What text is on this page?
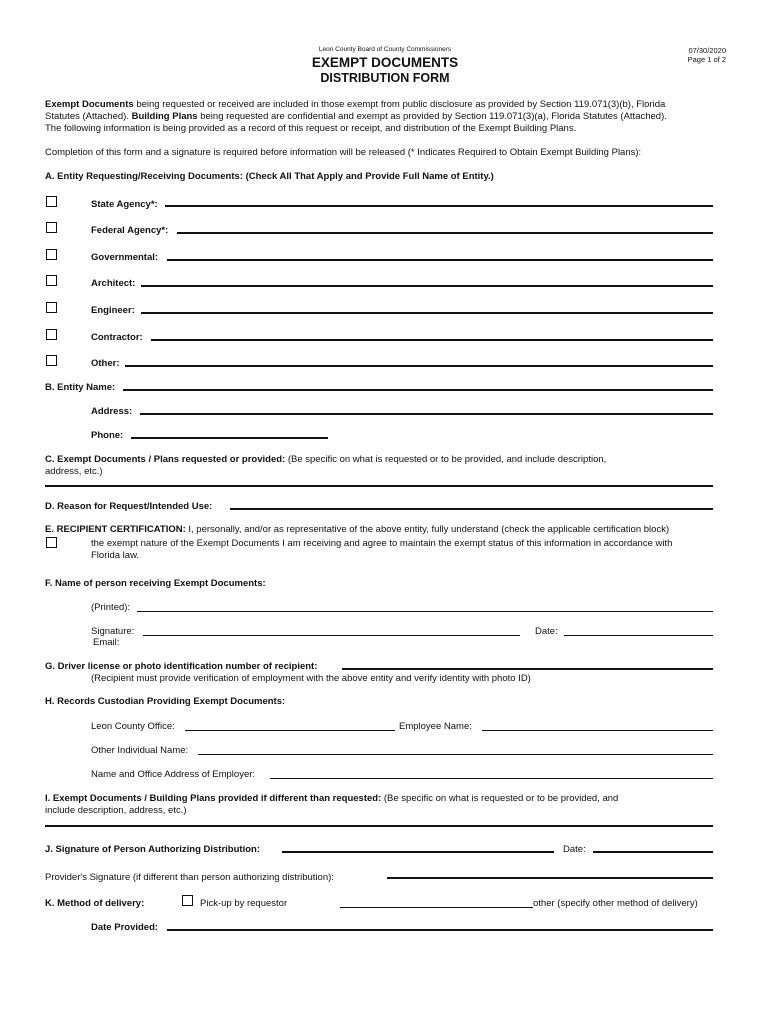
Leon County Board of County Commissioners
EXEMPT DOCUMENTS
DISTRIBUTION FORM
07/30/2020
Page 1 of 2
Exempt Documents being requested or received are included in those exempt from public disclosure as provided by Section 119.071(3)(b), Florida
Statutes (Attached). Building Plans being requested are confidential and exempt as provided by Section 119.071(3)(a), Florida Statutes (Attached).
The following information is being provided as a record of this request or receipt, and distribution of the Exempt Building Plans.
Completion of this form and a signature is required before information will be released (* Indicates Required to Obtain Exempt Building Plans):
A. Entity Requesting/Receiving Documents: (Check All That Apply and Provide Full Name of Entity.)
State Agency*:
Federal Agency*:
Governmental:
Architect:
Engineer:
Contractor:
Other:
B. Entity Name:
Address:
Phone:
C. Exempt Documents / Plans requested or provided: (Be specific on what is requested or to be provided, and include description,
address, etc.)
D. Reason for Request/Intended Use:
E. RECIPIENT CERTIFICATION: I, personally, and/or as representative of the above entity, fully understand (check the applicable certification block)
the exempt nature of the Exempt Documents I am receiving and agree to maintain the exempt status of this information in accordance with
Florida law.
F. Name of person receiving Exempt Documents:
(Printed):
Signature:	Date:
Email:
G. Driver license or photo identification number of recipient:
(Recipient must provide verification of employment with the above entity and verify identity with photo ID)
H. Records Custodian Providing Exempt Documents:
Leon County Office:	Employee Name:
Other Individual Name:
Name and Office Address of Employer:
I. Exempt Documents / Building Plans provided if different than requested: (Be specific on what is requested or to be provided, and
include description, address, etc.)
J. Signature of Person Authorizing Distribution:	Date:
Provider's Signature (if different than person authorizing distribution):
K. Method of delivery:	Pick-up by requestor	other (specify other method of delivery)
Date Provided:
